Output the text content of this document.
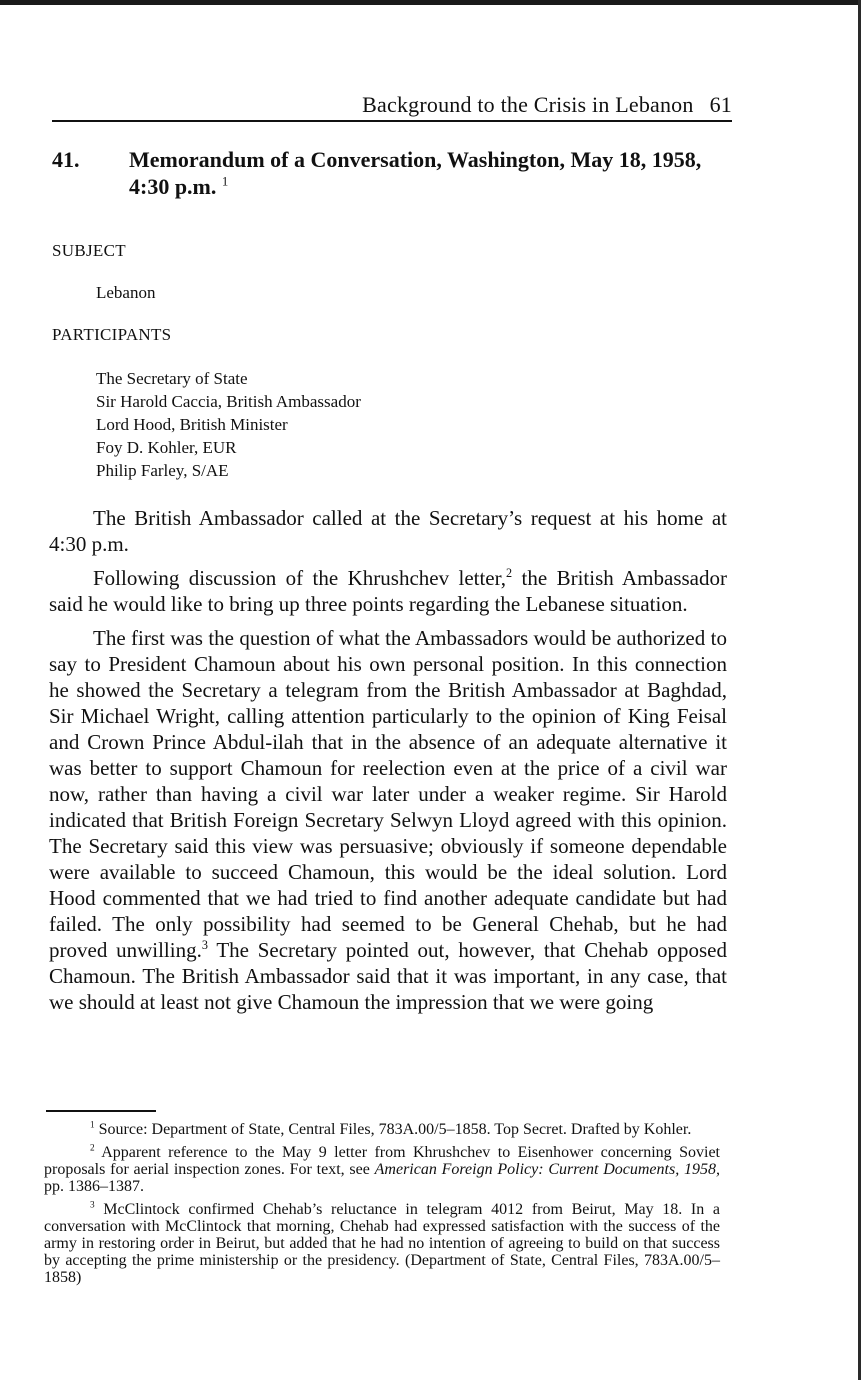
Background to the Crisis in Lebanon 61
41. Memorandum of a Conversation, Washington, May 18, 1958, 4:30 p.m. $^1$
SUBJECT
Lebanon
PARTICIPANTS
The Secretary of State
Sir Harold Caccia, British Ambassador
Lord Hood, British Minister
Foy D. Kohler, EUR
Philip Farley, S/AE

The British Ambassador called at the Secretary’s request at his home at 4:30 p.m.

Following discussion of the Khrushchev letter,$^2$ the British Ambassador said he would like to bring up three points regarding the Lebanese situation.

The first was the question of what the Ambassadors would be authorized to say to President Chamoun about his own personal position. In this connection he showed the Secretary a telegram from the British Ambassador at Baghdad, Sir Michael Wright, calling attention particularly to the opinion of King Feisal and Crown Prince Abdul-ilah that in the absence of an adequate alternative it was better to support Chamoun for reelection even at the price of a civil war now, rather than having a civil war later under a weaker regime. Sir Harold indicated that British Foreign Secretary Selwyn Lloyd agreed with this opinion. The Secretary said this view was persuasive; obviously if someone dependable were available to succeed Chamoun, this would be the ideal solution. Lord Hood commented that we had tried to find another adequate candidate but had failed. The only possibility had seemed to be General Chehab, but he had proved unwilling.$^3$ The Secretary pointed out, however, that Chehab opposed Chamoun. The British Ambassador said that it was important, in any case, that we should at least not give Chamoun the impression that we were going

$^1$ Source: Department of State, Central Files, 783A.00/5–1858. Top Secret. Drafted by Kohler.

$^2$ Apparent reference to the May 9 letter from Khrushchev to Eisenhower concerning Soviet proposals for aerial inspection zones. For text, see American Foreign Policy: Current Documents, 1958, pp. 1386–1387.

$^3$ McClintock confirmed Chehab’s reluctance in telegram 4012 from Beirut, May 18. In a conversation with McClintock that morning, Chehab had expressed satisfaction with the success of the army in restoring order in Beirut, but added that he had no intention of agreeing to build on that success by accepting the prime ministership or the presidency. (Department of State, Central Files, 783A.00/5–1858)
